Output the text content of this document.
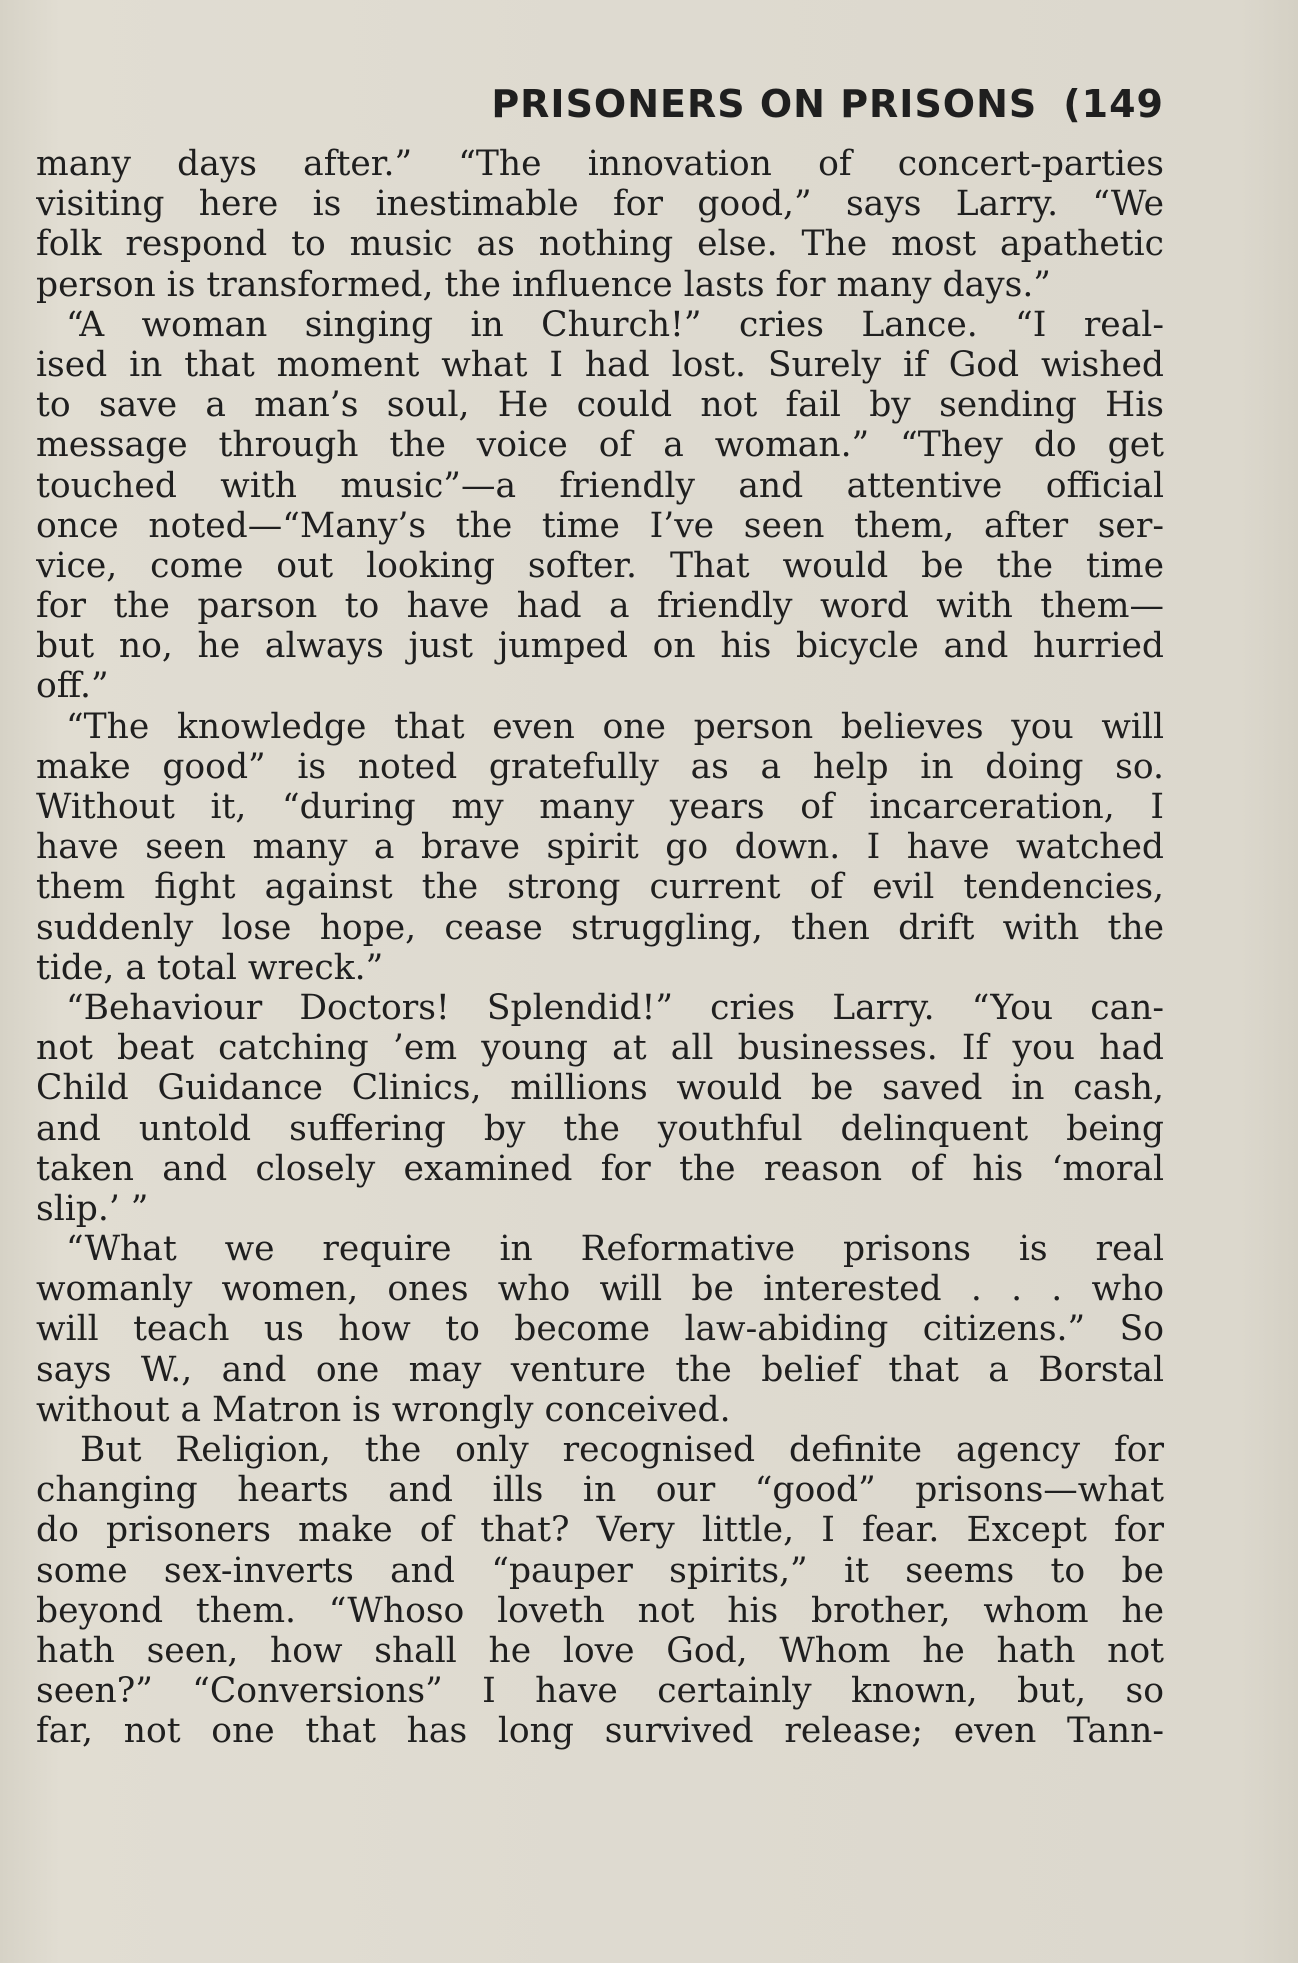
PRISONERS ON PRISONS (149
many days after.” “The innovation of concert-parties
visiting here is inestimable for good,” says Larry. “We
folk respond to music as nothing else. The most apathetic
person is transformed, the influence lasts for many days.”
“A woman singing in Church!” cries Lance. “I real-
ised in that moment what I had lost. Surely if God wished
to save a man’s soul, He could not fail by sending His
message through the voice of a woman.” “They do get
touched with music”—a friendly and attentive official
once noted—“Many’s the time I’ve seen them, after ser-
vice, come out looking softer. That would be the time
for the parson to have had a friendly word with them—
but no, he always just jumped on his bicycle and hurried
off.”
“The knowledge that even one person believes you will
make good” is noted gratefully as a help in doing so.
Without it, “during my many years of incarceration, I
have seen many a brave spirit go down. I have watched
them fight against the strong current of evil tendencies,
suddenly lose hope, cease struggling, then drift with the
tide, a total wreck.”
“Behaviour Doctors! Splendid!” cries Larry. “You can-
not beat catching ’em young at all businesses. If you had
Child Guidance Clinics, millions would be saved in cash,
and untold suffering by the youthful delinquent being
taken and closely examined for the reason of his ‘moral
slip.’ ”
“What we require in Reformative prisons is real
womanly women, ones who will be interested . . . who
will teach us how to become law-abiding citizens.” So
says W., and one may venture the belief that a Borstal
without a Matron is wrongly conceived.
But Religion, the only recognised definite agency for
changing hearts and ills in our “good” prisons—what
do prisoners make of that? Very little, I fear. Except for
some sex-inverts and “pauper spirits,” it seems to be
beyond them. “Whoso loveth not his brother, whom he
hath seen, how shall he love God, Whom he hath not
seen?” “Conversions” I have certainly known, but, so
far, not one that has long survived release; even Tann-
